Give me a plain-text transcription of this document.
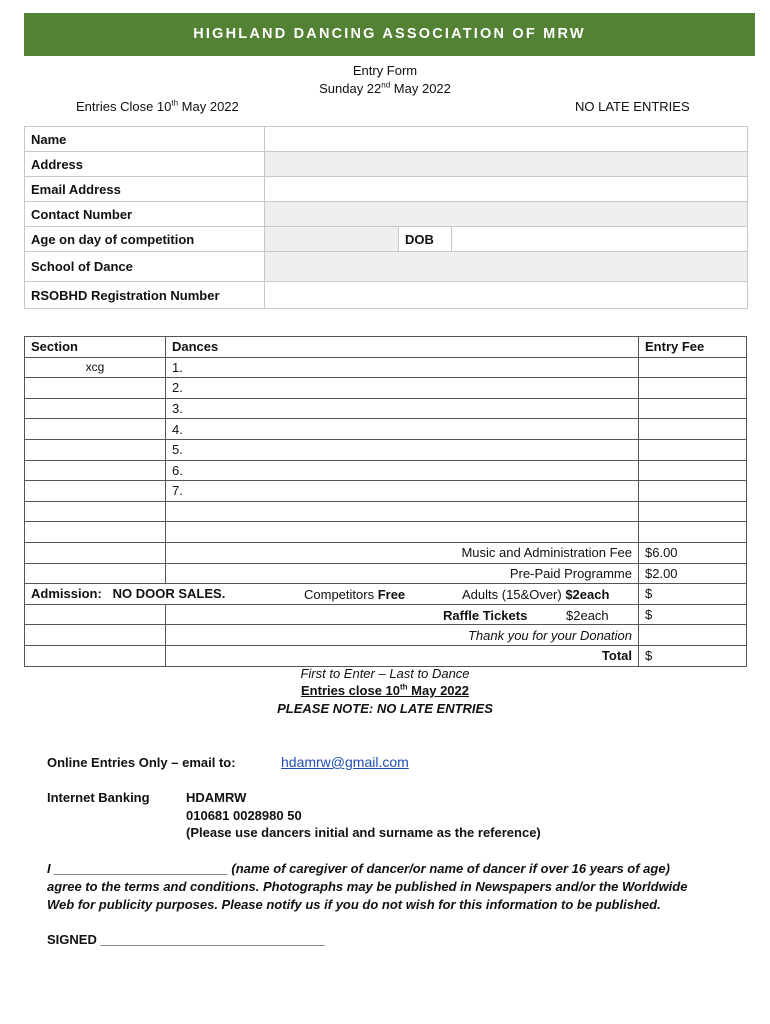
HIGHLAND DANCING ASSOCIATION OF MRW
Entry Form
Sunday 22nd May 2022
Entries Close 10th May 2022	NO LATE ENTRIES
Name			
Address			
Email Address			
Contact Number			
Age on day of competition		DOB	
School of Dance			
RSOBHD Registration Number			
Section	Dances	Entry Fee
xcg	1.	
	2.	
	3.	
	4.	
	5.	
	6.	
	7.	

	Music and Administration Fee	$6.00
	Pre-Paid Programme	$2.00
Admission: NO DOOR SALES. Competitors Free Adults (15&Over) $2each		$

	Raffle Tickets $2each	$
	Thank you for your Donation	
	Total	$
First to Enter – Last to Dance
Entries close 10th May 2022
PLEASE NOTE: NO LATE ENTRIES
Online Entries Only – email to:	hdamrw@gmail.com
Internet Banking	HDAMRW
010681 0028980 50
(Please use dancers initial and surname as the reference)
I ________________________ (name of caregiver of dancer/or name of dancer if over 16 years of age)
agree to the terms and conditions. Photographs may be published in Newspapers and/or the Worldwide
Web for publicity purposes. Please notify us if you do not wish for this information to be published.
SIGNED _______________________________
